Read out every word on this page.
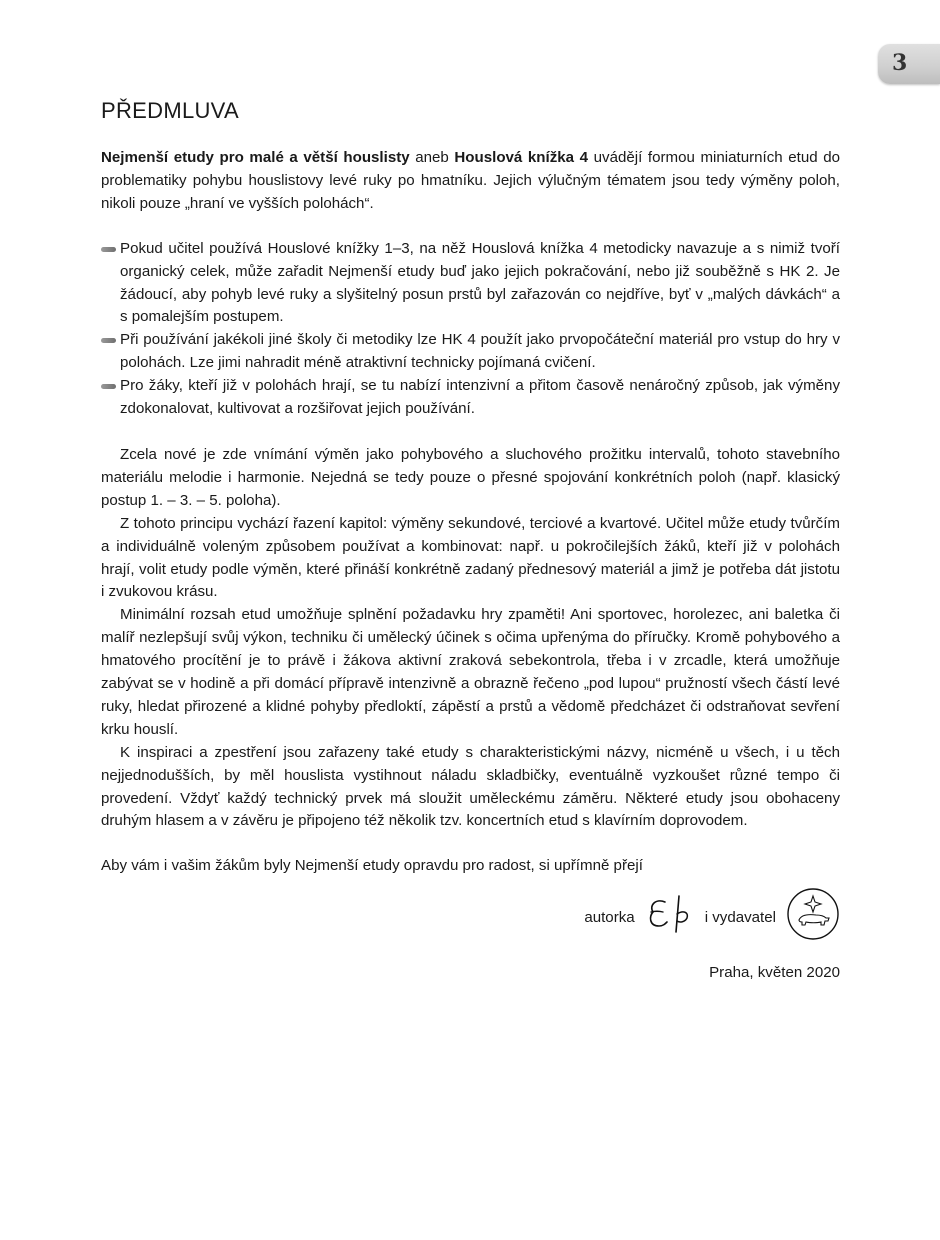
3
PŘEDMLUVA

Nejmenší etudy pro malé a větší houslisty aneb Houslová knížka 4 uvádějí formou miniaturních etud do problematiky pohybu houslistovy levé ruky po hmatníku. Jejich výlučným tématem jsou tedy výměny poloh, nikoli pouze „hraní ve vyšších polohách“.

Pokud učitel používá Houslové knížky 1–3, na něž Houslová knížka 4 metodicky navazuje a s nimiž tvoří organický celek, může zařadit Nejmenší etudy buď jako jejich pokračování, nebo již souběžně s HK 2. Je žádoucí, aby pohyb levé ruky a slyšitelný posun prstů byl zařazován co nejdříve, byť v „malých dávkách“ a s pomalejším postupem.
Při používání jakékoli jiné školy či metodiky lze HK 4 použít jako prvopočáteční materiál pro vstup do hry v polohách. Lze jimi nahradit méně atraktivní technicky pojímaná cvičení.
Pro žáky, kteří již v polohách hrají, se tu nabízí intenzivní a přitom časově nenáročný způsob, jak výměny zdokonalovat, kultivovat a rozšiřovat jejich používání.

Zcela nové je zde vnímání výměn jako pohybového a sluchového prožitku intervalů, tohoto stavebního materiálu melodie i harmonie. Nejedná se tedy pouze o přesné spojování konkrétních poloh (např. klasický postup 1. – 3. – 5. poloha).

Z tohoto principu vychází řazení kapitol: výměny sekundové, terciové a kvartové. Učitel může etudy tvůrčím a individuálně voleným způsobem používat a kombinovat: např. u pokročilejších žáků, kteří již v polohách hrají, volit etudy podle výměn, které přináší konkrétně zadaný přednesový materiál a jimž je potřeba dát jistotu i zvukovou krásu.

Minimální rozsah etud umožňuje splnění požadavku hry zpaměti! Ani sportovec, horolezec, ani baletka či malíř nezlepšují svůj výkon, techniku či umělecký účinek s očima upřenýma do příručky. Kromě pohybového a hmatového procítění je to právě i žákova aktivní zraková sebekontrola, třeba i v zrcadle, která umožňuje zabývat se v hodině a při domácí přípravě intenzivně a obrazně řečeno „pod lupou“ pružností všech částí levé ruky, hledat přirozené a klidné pohyby předloktí, zápěstí a prstů a vědomě předcházet či odstraňovat sevření krku houslí.

K inspiraci a zpestření jsou zařazeny také etudy s charakteristickými názvy, nicméně u všech, i u těch nejjednodušších, by měl houslista vystihnout náladu skladbičky, eventuálně vyzkoušet různé tempo či provedení. Vždyť každý technický prvek má sloužit uměleckému záměru. Některé etudy jsou obohaceny druhým hlasem a v závěru je připojeno též několik tzv. koncertních etud s klavírním doprovodem.

Aby vám i vašim žákům byly Nejmenší etudy opravdu pro radost, si upřímně přejí

autorka	i vydavatel

Praha, květen 2020
